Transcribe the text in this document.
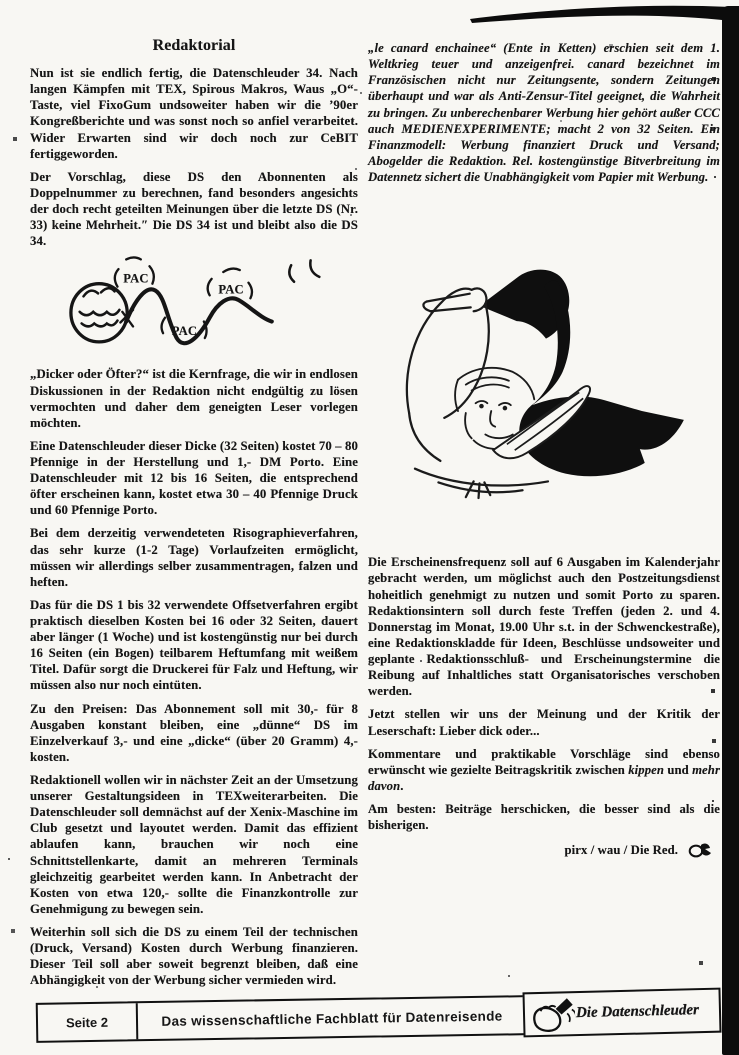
Redaktorial

Nun ist sie endlich fertig, die Datenschleuder 34. Nach langen Kämpfen mit TEX, Spirous Makros, Waus „O“-Taste, viel FixoGum undsoweiter haben wir die ’90er Kongreßberichte und was sonst noch so anfiel verarbeitet. Wider Erwarten sind wir doch noch zur CeBIT fertiggeworden.

Der Vorschlag, diese DS den Abonnenten als Doppelnummer zu berechnen, fand besonders angesichts der doch recht geteilten Meinungen über die letzte DS (Nr. 33) keine Mehrheit.″ Die DS 34 ist und bleibt also die DS 34.

PAC
PAC
PAC

„Dicker oder Öfter?“ ist die Kernfrage, die wir in endlosen Diskussionen in der Redaktion nicht endgültig zu lösen vermochten und daher dem geneigten Leser vorlegen möchten.

Eine Datenschleuder dieser Dicke (32 Seiten) kostet 70 – 80 Pfennige in der Herstellung und 1,- DM Porto. Eine Datenschleuder mit 12 bis 16 Seiten, die entsprechend öfter erscheinen kann, kostet etwa 30 – 40 Pfennige Druck und 60 Pfennige Porto.

Bei dem derzeitig verwendeteten Risographieverfahren, das sehr kurze (1-2 Tage) Vorlaufzeiten ermöglicht, müssen wir allerdings selber zusammentragen, falzen und heften.

Das für die DS 1 bis 32 verwendete Offsetverfahren ergibt praktisch dieselben Kosten bei 16 oder 32 Seiten, dauert aber länger (1 Woche) und ist kostengünstig nur bei durch 16 Seiten (ein Bogen) teilbarem Heftumfang mit weißem Titel. Dafür sorgt die Druckerei für Falz und Heftung, wir müssen also nur noch eintüten.

Zu den Preisen: Das Abonnement soll mit 30,- für 8 Ausgaben konstant bleiben, eine „dünne“ DS im Einzelverkauf 3,- und eine „dicke“ (über 20 Gramm) 4,- kosten.

Redaktionell wollen wir in nächster Zeit an der Umsetzung unserer Gestaltungsideen in TEXweiterarbeiten. Die Datenschleuder soll demnächst auf der Xenix-Maschine im Club gesetzt und layoutet werden. Damit das effizient ablaufen kann, brauchen wir noch eine Schnittstellenkarte, damit an mehreren Terminals gleichzeitig gearbeitet werden kann. In Anbetracht der Kosten von etwa 120,- sollte die Finanzkontrolle zur Genehmigung zu bewegen sein.

Weiterhin soll sich die DS zu einem Teil der technischen (Druck, Versand) Kosten durch Werbung finanzieren. Dieser Teil soll aber soweit begrenzt bleiben, daß eine Abhängigkeit von der Werbung sicher vermieden wird.

„le canard enchainee“ (Ente in Ketten) erschien seit dem 1. Weltkrieg teuer und anzeigenfrei. canard bezeichnet im Französischen nicht nur Zeitungsente, sondern Zeitungen überhaupt und war als Anti-Zensur-Titel geeignet, die Wahrheit zu bringen. Zu unberechenbarer Werbung hier gehört außer CCC auch MEDIENEXPERIMENTE; macht 2 von 32 Seiten. Ein Finanzmodell: Werbung finanziert Druck und Versand; Abogelder die Redaktion. Rel. kostengünstige Bitverbreitung im Datennetz sichert die Unabhängigkeit vom Papier mit Werbung.

Die Erscheinensfrequenz soll auf 6 Ausgaben im Kalenderjahr gebracht werden, um möglichst auch den Postzeitungsdienst hoheitlich genehmigt zu nutzen und somit Porto zu sparen. Redaktionsintern soll durch feste Treffen (jeden 2. und 4. Donnerstag im Monat, 19.00 Uhr s.t. in der Schwenckestraße), eine Redaktionskladde für Ideen, Beschlüsse undsoweiter und geplante Redaktionsschluß- und Erscheinungstermine die Reibung auf Inhaltliches statt Organisatorisches verschoben werden.

Jetzt stellen wir uns der Meinung und der Kritik der Leserschaft: Lieber dick oder...

Kommentare und praktikable Vorschläge sind ebenso erwünscht wie gezielte Beitragskritik zwischen kippen und mehr davon.

Am besten: Beiträge herschicken, die besser sind als die bisherigen.

pirx / wau / Die Red.
Seite 2	Das wissenschaftliche Fachblatt für Datenreisende	Die Datenschleuder
